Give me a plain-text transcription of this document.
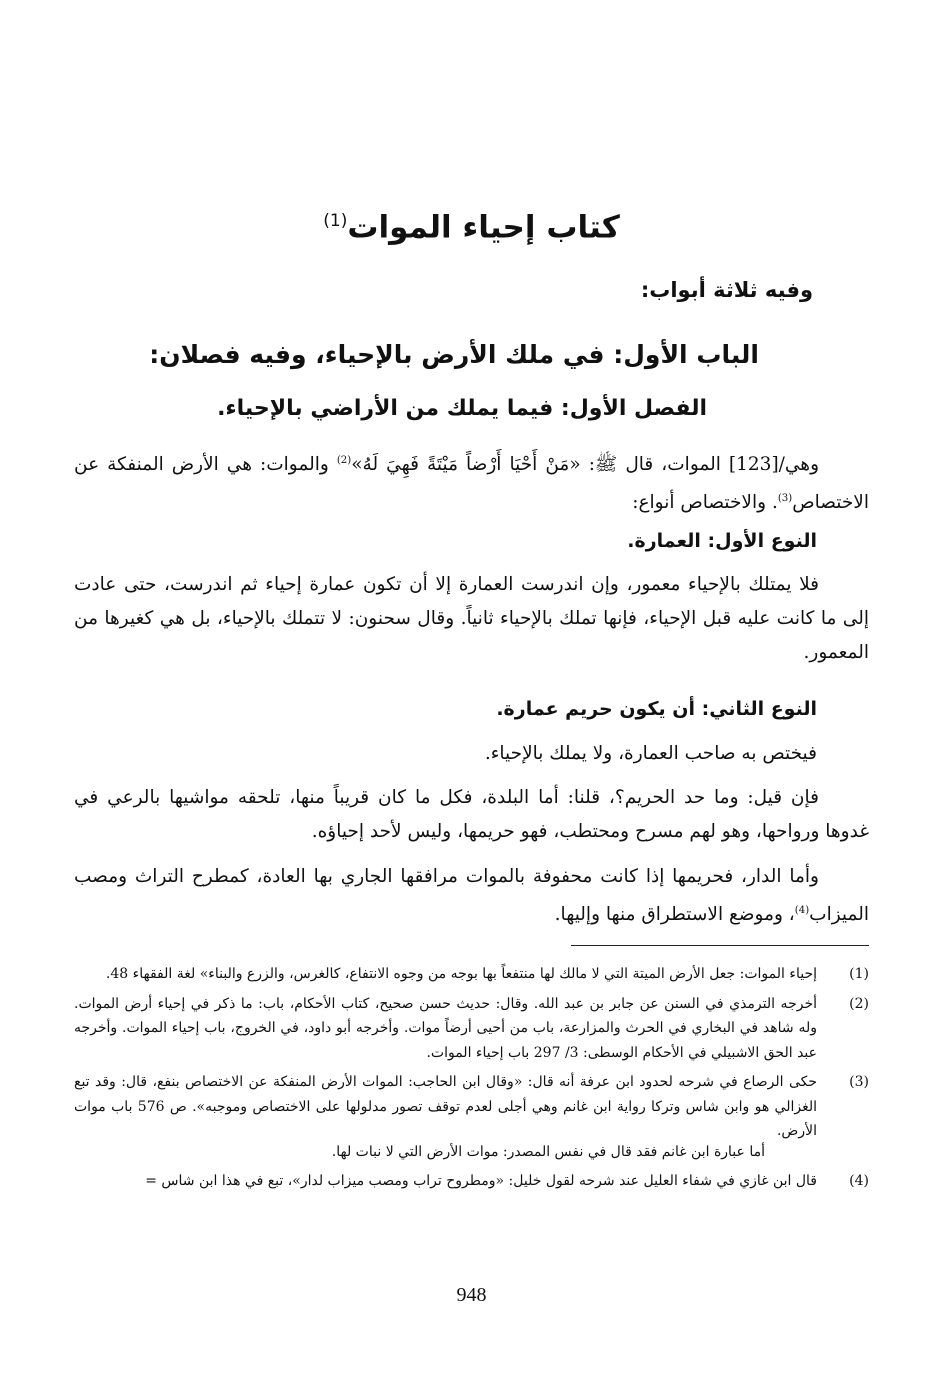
كتاب إحياء الموات$^{(1)}$
وفيه ثلاثة أبواب:
الباب الأول: في ملك الأرض بالإحياء، وفيه فصلان:
الفصل الأول: فيما يملك من الأراضي بالإحياء.
وهي/[123] الموات، قال ﷺ: «مَنْ أَحْيَا أَرْضاً مَيْتَةً فَهِيَ لَهُ»$^{(2)}$ والموات: هي الأرض المنفكة عن الاختصاص$^{(3)}$. والاختصاص أنواع:
النوع الأول: العمارة.
فلا يمتلك بالإحياء معمور، وإن اندرست العمارة إلا أن تكون عمارة إحياء ثم اندرست، حتى عادت إلى ما كانت عليه قبل الإحياء، فإنها تملك بالإحياء ثانياً. وقال سحنون: لا تتملك بالإحياء، بل هي كغيرها من المعمور.
النوع الثاني: أن يكون حريم عمارة.
فيختص به صاحب العمارة، ولا يملك بالإحياء.
فإن قيل: وما حد الحريم؟، قلنا: أما البلدة، فكل ما كان قريباً منها، تلحقه مواشيها بالرعي في غدوها ورواحها، وهو لهم مسرح ومحتطب، فهو حريمها، وليس لأحد إحياؤه.
وأما الدار، فحريمها إذا كانت محفوفة بالموات مرافقها الجاري بها العادة، كمطرح التراث ومصب الميزاب$^{(4)}$، وموضع الاستطراق منها وإليها.
(1)
إحياء الموات: جعل الأرض الميتة التي لا مالك لها منتفعاً بها بوجه من وجوه الانتفاع، كالغرس، والزرع والبناء» لغة الفقهاء 48.
(2)
أخرجه الترمذي في السنن عن جابر بن عبد الله. وقال: حديث حسن صحيح، كتاب الأحكام، باب: ما ذكر في إحياء أرض الموات. وله شاهد في البخاري في الحرث والمزارعة، باب من أحيى أرضاً موات. وأخرجه أبو داود، في الخروج، باب إحياء الموات. وأخرجه عبد الحق الاشبيلي في الأحكام الوسطى: 3/ 297 باب إحياء الموات.
(3)
حكى الرصاع في شرحه لحدود ابن عرفة أنه قال: «وقال ابن الحاجب: الموات الأرض المنفكة عن الاختصاص بنفع، قال: وقد تبع الغزالي هو وابن شاس وتركا رواية ابن غانم وهي أجلى لعدم توقف تصور مدلولها على الاختصاص وموجبه». ص 576 باب موات الأرض.
أما عبارة ابن غانم فقد قال في نفس المصدر: موات الأرض التي لا نبات لها.
(4)
قال ابن غازي في شفاء العليل عند شرحه لقول خليل: «ومطروح تراب ومصب ميزاب لدار»، تبع في هذا ابن شاس =
948
